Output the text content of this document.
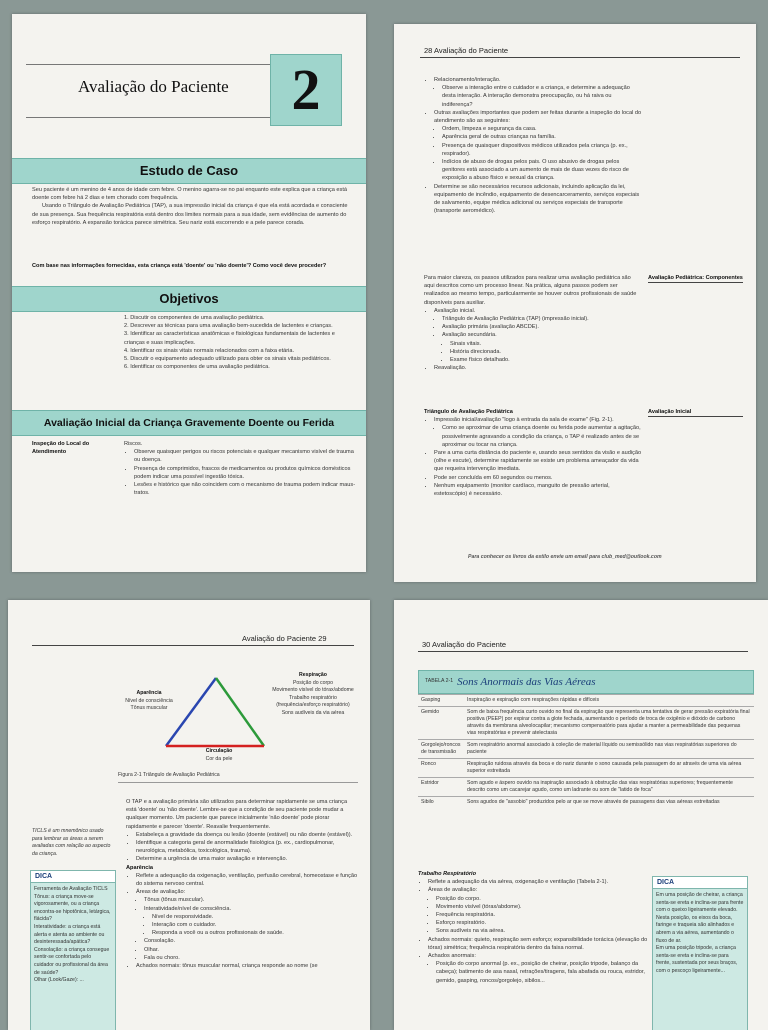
Avaliação do Paciente	2
Estudo de Caso
Seu paciente é um menino de 4 anos de idade com febre. O menino agarra-se no pai enquanto este explica que a criança está doente com febre há 2 dias e tem chorado com frequência.
Usando o Triângulo de Avaliação Pediátrica (TAP), a sua impressão inicial da criança é que ela está acordada e consciente de sua presença. Sua frequência respiratória está dentro dos limites normais para a sua idade, sem evidências de aumento do esforço respiratório. A expansão torácica parece simétrica. Seu nariz está escorrendo e a pele parece corada.
Com base nas informações fornecidas, esta criança está 'doente' ou 'não doente'? Como você deve proceder?
Objetivos
1. Discutir os componentes de uma avaliação pediátrica.
2. Descrever as técnicas para uma avaliação bem-sucedida de lactentes e crianças.
3. Identificar as características anatômicas e fisiológicas fundamentais de lactentes e crianças e suas implicações.
4. Identificar os sinais vitais normais relacionados com a faixa etária.
5. Discutir o equipamento adequado utilizado para obter os sinais vitais pediátricos.
6. Identificar os componentes de uma avaliação pediátrica.
Avaliação Inicial da Criança Gravemente Doente ou Ferida
Inspeção do Local do Atendimento
Riscos.
• Observe quaisquer perigos ou riscos potenciais e qualquer mecanismo visível de trauma ou doença.
• Presença de comprimidos, frascos de medicamentos ou produtos químicos domésticos podem indicar uma possível ingestão tóxica.
• Lesões e histórico que não coincidem com o mecanismo de trauma podem indicar maus-tratos.
28 Avaliação do Paciente
• Relacionamento/interação.
• Observe a interação entre o cuidador e a criança, e determine a adequação desta interação. A interação demonstra preocupação, ou há raiva ou indiferença?
• Outras avaliações importantes que podem ser feitas durante a inspeção do local do atendimento são as seguintes:
• Ordem, limpeza e segurança da casa.
• Aparência geral de outras crianças na família.
• Presença de quaisquer dispositivos médicos utilizados pela criança (p. ex., respirador).
• Indícios de abuso de drogas pelos pais. O uso abusivo de drogas pelos genitores está associado a um aumento de mais de duas vezes do risco de exposição a abuso físico e sexual da criança.
• Determine se são necessários recursos adicionais, incluindo aplicação da lei, equipamento de incêndio, equipamento de desencarceramento, serviços especiais de salvamento, equipe médica adicional ou serviços especiais de transporte (transporte aeromédico).
Avaliação Pediátrica: Componentes
Para maior clareza, os passos utilizados para realizar uma avaliação pediátrica são aqui descritos como um processo linear. Na prática, alguns passos podem ser realizados ao mesmo tempo, particularmente se houver outros profissionais de saúde disponíveis para auxiliar.
• Avaliação inicial.
• Triângulo de Avaliação Pediátrica (TAP) (impressão inicial).
• Avaliação primária (avaliação ABCDE).
• Avaliação secundária.
• Sinais vitais.
• História direcionada.
• Exame físico detalhado.
• Reavaliação.
Avaliação Inicial
Triângulo de Avaliação Pediátrica
• Impressão inicial/avaliação "logo à entrada da sala de exame" (Fig. 2-1).
• Como se aproximar de uma criança doente ou ferida pode aumentar a agitação, possivelmente agravando a condição da criança, o TAP é realizado antes de se aproximar ou tocar na criança.
• Pare a uma curta distância do paciente e, usando seus sentidos da visão e audição (olhe e escute), determine rapidamente se existe um problema ameaçador da vida que requeira intervenção imediata.
• Pode ser concluída em 60 segundos ou menos.
• Nenhum equipamento (monitor cardíaco, manguito de pressão arterial, estetoscópio) é necessário.
Para conhecer os livros da estilo envie um email para club_med@outlook.com
Avaliação do Paciente 29
Respiração
Posição do corpo
Movimento visível do tórax/abdome
Trabalho respiratório (frequência/esforço respiratório)
Sons audíveis da via aérea
Aparência
Nível de consciência
Tônus muscular
Circulação
Cor da pele
Figura 2-1 Triângulo de Avaliação Pediátrica
TICLS é um mnemônico usado para lembrar as áreas a serem avaliadas com relação ao aspecto da criança.
DICA
Ferramenta de Avaliação TICLS
Tônus: a criança move-se vigorosamente, ou a criança encontra-se hipotônica, letárgica, flácida?
Interatividade: a criança está alerta e atenta ao ambiente ou desinteressada/apática?
Consolação: a criança consegue sentir-se confortada pelo cuidador ou profissional da área de saúde?
Olhar (Look/Gaze): ...
O TAP e a avaliação primária são utilizados para determinar rapidamente se uma criança está 'doente' ou 'não doente'. Lembre-se que a condição de seu paciente pode mudar a qualquer momento. Um paciente que parece inicialmente 'não doente' pode piorar rapidamente e parecer 'doente'. Reavalie frequentemente.
• Estabeleça a gravidade da doença ou lesão (doente (estável) ou não doente (estável)).
• Identifique a categoria geral de anormalidade fisiológica (p. ex., cardiopulmonar, neurológica, metabólica, toxicológica, trauma).
• Determine a urgência de uma maior avaliação e intervenção.
Aparência
• Reflete a adequação da oxigenação, ventilação, perfusão cerebral, homeostase e função do sistema nervoso central.
• Áreas de avaliação:
• Tônus (tônus muscular).
• Interatividade/nível de consciência.
• Nível de responsividade.
• Interação com o cuidador.
• Responda a você ou a outros profissionais de saúde.
• Consolação.
• Olhar.
• Fala ou choro.
• Achados normais: tônus muscular normal, criança responde ao nome (se
30 Avaliação do Paciente
TABELA 2-1 Sons Anormais das Vias Aéreas
Gasping	Inspiração e expiração com respirações rápidas e difíceis
Gemido	Som de baixa frequência curto ouvido no final da expiração que representa uma tentativa de gerar pressão expiratória final positiva (PEEP) por expirar contra a glote fechada, aumentando o período de troca de oxigênio e dióxido de carbono através da membrana alveolocapilar; mecanismo compensatório para ajudar a manter a permeabilidade das pequenas vias respiratórias e prevenir atelectasia
Gorgolejo/roncos de transmissão	Som respiratório anormal associado à coleção de material líquido ou semissólido nas vias respiratórias superiores do paciente
Ronco	Respiração ruidosa através da boca e do nariz durante o sono causada pela passagem do ar através de uma via aérea superior estreitada
Estridor	Som agudo e áspero ouvido na inspiração associado à obstrução das vias respiratórias superiores; frequentemente descrito como um cacarejar agudo, como um ladrante ou som de "latido de foca"
Sibilo	Sons agudos de "assobio" produzidos pelo ar que se move através de passagens das vias aéreas estreitadas
Trabalho Respiratório
• Reflete a adequação da via aérea, oxigenação e ventilação (Tabela 2-1).
• Áreas de avaliação:
• Posição do corpo.
• Movimento visível (tórax/abdome).
• Frequência respiratória.
• Esforço respiratório.
• Sons audíveis na via aérea.
• Achados normais: quieto, respiração sem esforço; expansibilidade torácica (elevação do tórax) simétrica; frequência respiratória dentro da faixa normal.
• Achados anormais:
• Posição do corpo anormal (p. ex., posição de cheirar, posição tripode, balanço da cabeça); batimento de asa nasal, retrações/tiragens, fala abafada ou rouca, estridor, gemido, gasping, roncos/gorgolejo, sibilos...
DICA
Em uma posição de cheirar, a criança senta-se ereta e inclina-se para frente com o queixo ligeiramente elevado. Nesta posição, os eixos da boca, faringe e traqueia são alinhados e abrem a via aérea, aumentando o fluxo de ar.
Em uma posição tripode, a criança senta-se ereta e inclina-se para frente, sustentada por seus braços, com o pescoço ligeiramente...
